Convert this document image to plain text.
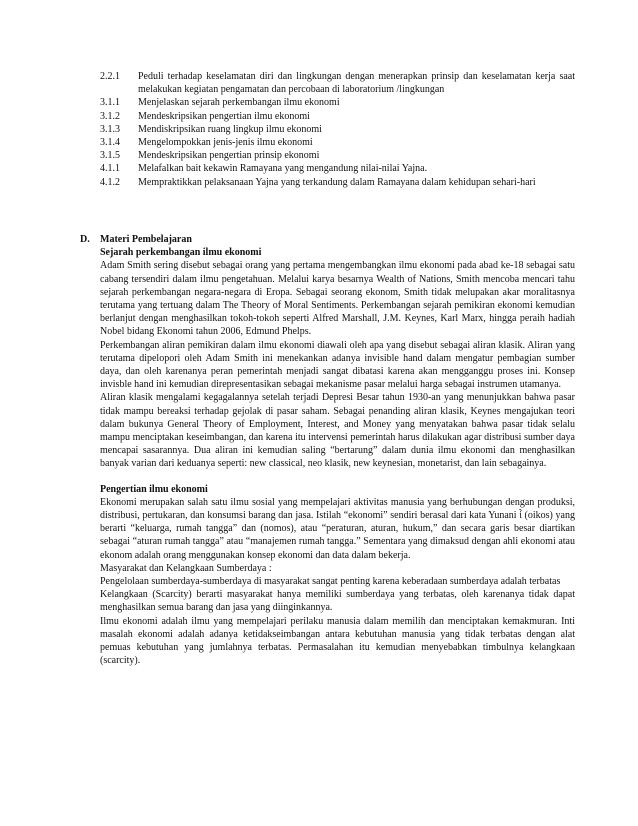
2.2.1	Peduli terhadap keselamatan diri dan lingkungan dengan menerapkan prinsip dan keselamatan kerja saat melakukan kegiatan pengamatan dan percobaan di laboratorium /lingkungan
3.1.1	Menjelaskan sejarah perkembangan ilmu ekonomi
3.1.2	Mendeskripsikan pengertian ilmu ekonomi
3.1.3	Mendiskripsikan ruang lingkup ilmu ekonomi
3.1.4	Mengelompokkan jenis-jenis ilmu ekonomi
3.1.5	Mendeskripsikan pengertian prinsip ekonomi
4.1.1	Melafalkan bait kekawin Ramayana yang mengandung nilai-nilai Yajna.
4.1.2	Mempraktikkan pelaksanaan Yajna yang terkandung dalam Ramayana dalam kehidupan sehari-hari
D.	Materi Pembelajaran
Sejarah perkembangan ilmu ekonomi

Adam Smith sering disebut sebagai orang yang pertama mengembangkan ilmu ekonomi pada abad ke-18 sebagai satu cabang tersendiri dalam ilmu pengetahuan. Melalui karya besarnya Wealth of Nations, Smith mencoba mencari tahu sejarah perkembangan negara-negara di Eropa. Sebagai seorang ekonom, Smith tidak melupakan akar moralitasnya terutama yang tertuang dalam The Theory of Moral Sentiments. Perkembangan sejarah pemikiran ekonomi kemudian berlanjut dengan menghasilkan tokoh-tokoh seperti Alfred Marshall, J.M. Keynes, Karl Marx, hingga peraih hadiah Nobel bidang Ekonomi tahun 2006, Edmund Phelps.

Perkembangan aliran pemikiran dalam ilmu ekonomi diawali oleh apa yang disebut sebagai aliran klasik. Aliran yang terutama dipelopori oleh Adam Smith ini menekankan adanya invisible hand dalam mengatur pembagian sumber daya, dan oleh karenanya peran pemerintah menjadi sangat dibatasi karena akan mengganggu proses ini. Konsep invisble hand ini kemudian direpresentasikan sebagai mekanisme pasar melalui harga sebagai instrumen utamanya.

Aliran klasik mengalami kegagalannya setelah terjadi Depresi Besar tahun 1930-an yang menunjukkan bahwa pasar tidak mampu bereaksi terhadap gejolak di pasar saham. Sebagai penanding aliran klasik, Keynes mengajukan teori dalam bukunya General Theory of Employment, Interest, and Money yang menyatakan bahwa pasar tidak selalu mampu menciptakan keseimbangan, dan karena itu intervensi pemerintah harus dilakukan agar distribusi sumber daya mencapai sasarannya. Dua aliran ini kemudian saling “bertarung” dalam dunia ilmu ekonomi dan menghasilkan banyak varian dari keduanya seperti: new classical, neo klasik, new keynesian, monetarist, dan lain sebagainya.

Pengertian ilmu ekonomi

Ekonomi merupakan salah satu ilmu sosial yang mempelajari aktivitas manusia yang berhubungan dengan produksi, distribusi, pertukaran, dan konsumsi barang dan jasa. Istilah “ekonomi” sendiri berasal dari kata Yunani ἶ (oikos) yang berarti “keluarga, rumah tangga” dan (nomos), atau “peraturan, aturan, hukum,” dan secara garis besar diartikan sebagai “aturan rumah tangga” atau “manajemen rumah tangga.” Sementara yang dimaksud dengan ahli ekonomi atau ekonom adalah orang menggunakan konsep ekonomi dan data dalam bekerja.

Masyarakat dan Kelangkaan Sumberdaya :

Pengelolaan sumberdaya-sumberdaya di masyarakat sangat penting karena keberadaan sumberdaya adalah terbatas

Kelangkaan (Scarcity) berarti masyarakat hanya memiliki sumberdaya yang terbatas, oleh karenanya tidak dapat menghasilkan semua barang dan jasa yang diinginkannya.

Ilmu ekonomi adalah ilmu yang mempelajari perilaku manusia dalam memilih dan menciptakan kemakmuran. Inti masalah ekonomi adalah adanya ketidakseimbangan antara kebutuhan manusia yang tidak terbatas dengan alat pemuas kebutuhan yang jumlahnya terbatas. Permasalahan itu kemudian menyebabkan timbulnya kelangkaan (scarcity).
